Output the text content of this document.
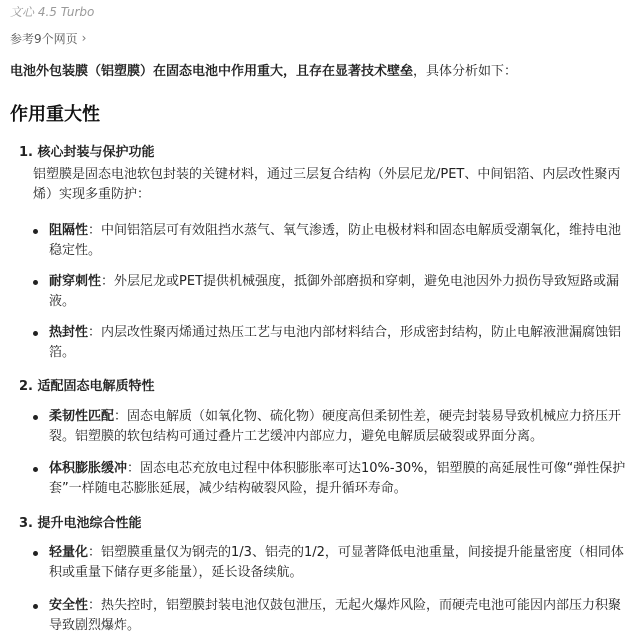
文心 4.5 Turbo
参考9个网页 ›
电池外包装膜（铝塑膜）在固态电池中作用重大，且存在显著技术壁垒，具体分析如下：
作用重大性
1. 核心封装与保护功能
铝塑膜是固态电池软包封装的关键材料，通过三层复合结构（外层尼龙/PET、中间铝箔、内层改性聚丙烯）实现多重防护：
阻隔性：中间铝箔层可有效阻挡水蒸气、氧气渗透，防止电极材料和固态电解质受潮氧化，维持电池稳定性。
耐穿刺性：外层尼龙或PET提供机械强度，抵御外部磨损和穿刺，避免电池因外力损伤导致短路或漏液。
热封性：内层改性聚丙烯通过热压工艺与电池内部材料结合，形成密封结构，防止电解液泄漏腐蚀铝箔。
2. 适配固态电解质特性
柔韧性匹配：固态电解质（如氧化物、硫化物）硬度高但柔韧性差，硬壳封装易导致机械应力挤压开裂。铝塑膜的软包结构可通过叠片工艺缓冲内部应力，避免电解质层破裂或界面分离。
体积膨胀缓冲：固态电芯充放电过程中体积膨胀率可达10%-30%，铝塑膜的高延展性可像“弹性保护套”一样随电芯膨胀延展，减少结构破裂风险，提升循环寿命。
3. 提升电池综合性能
轻量化：铝塑膜重量仅为钢壳的1/3、铝壳的1/2，可显著降低电池重量，间接提升能量密度（相同体积或重量下储存更多能量），延长设备续航。
安全性：热失控时，铝塑膜封装电池仅鼓包泄压，无起火爆炸风险，而硬壳电池可能因内部压力积聚导致剧烈爆炸。
